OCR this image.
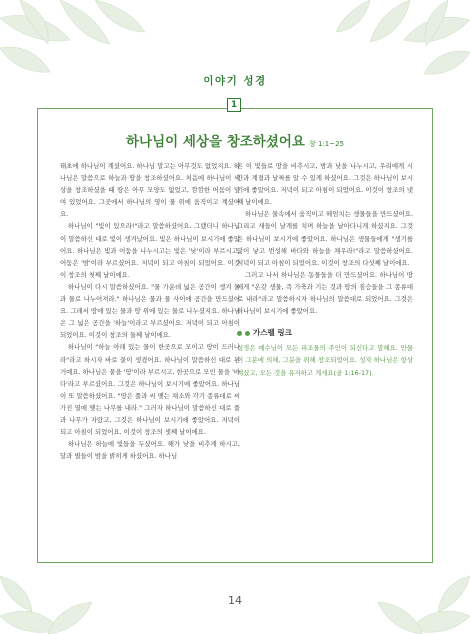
이야기 성경
1
하나님이 세상을 창조하셨어요 창 1:1~25

태초에 하나님이 계셨어요. 하나님 말고는 아무것도 없었지요. 하나님은 말씀으로 하늘과 땅을 창조하셨어요. 처음에 하나님이 세상을 창조하셨을 때 땅은 아무 모양도 없었고, 깜깜한 어둠이 덮여 있었어요. 그곳에서 하나님의 영이 물 위에 움직이고 계셨어요.

하나님이 "빛이 있으라!"라고 말씀하셨어요. 그랬더니 하나님이 말씀하신 대로 빛이 생겨났어요. 빛은 하나님이 보시기에 좋았어요. 하나님은 빛과 어둠을 나누시고는 빛은 '낮'이라 부르시고, 어둠은 '밤'이라 부르셨어요. 저녁이 되고 아침이 되었어요. 이것이 창조의 첫째 날이에요.

하나님이 다시 말씀하셨어요. "물 가운데 넓은 공간이 생겨 물과 물로 나누어져라." 하나님은 물과 물 사이에 공간을 만드셨어요. 그래서 땅에 있는 물과 땅 위에 있는 물로 나누셨지요. 하나님은 그 넓은 공간을 '하늘'이라고 부르셨어요. 저녁이 되고 아침이 되었어요. 이것이 창조의 둘째 날이에요.

하나님이 "하늘 아래 있는 물이 한곳으로 모이고 땅이 드러나라"라고 하시자 바로 뭍이 생겼어요. 하나님이 말씀하신 대로 된 거예요. 하나님은 뭍을 '땅'이라 부르시고, 한곳으로 모인 물을 '바다'라고 부르셨어요. 그것은 하나님이 보시기에 좋았어요. 하나님이 또 말씀하셨어요. "땅은 풀과 씨 맺는 채소와 각기 종류대로 씨 가진 열매 맺는 나무를 내라." 그러자 하나님이 말씀하신 대로 풀과 나무가 자랐고, 그것은 하나님이 보시기에 좋았어요. 저녁이 되고 아침이 되었어요. 이것이 창조의 셋째 날이에요.

하나님은 하늘에 빛들을 두셨어요. 해가 낮을 비추게 하시고, 달과 별들이 밤을 밝히게 하셨어요. 하나님

은 이 빛들로 땅을 비추시고, 밤과 낮을 나누시고, 우리에게 시간과 계절과 날짜를 알 수 있게 하셨어요. 그것은 하나님이 보시기에 좋았어요. 저녁이 되고 아침이 되었어요. 이것이 창조의 넷째 날이에요.

하나님은 물속에서 움직이고 헤엄치는 생물들을 만드셨어요. 그리고 새들이 날개를 치며 하늘을 날아다니게 하셨지요. 그것은 하나님이 보시기에 좋았어요. 하나님은 생물들에게 "생기를 많이 낳고 번성해 바다와 하늘을 채우라!"라고 말씀하셨어요. 저녁이 되고 아침이 되었어요. 이것이 창조의 다섯째 날이에요.

그러고 나서 하나님은 동물들을 더 만드셨어요. 하나님이 땅에게 "온갖 생물, 즉 가축과 기는 것과 땅의 짐승들을 그 종류대로 내라"라고 말씀하시자 하나님의 말씀대로 되었어요. 그것은 하나님이 보시기에 좋았어요.

가스펠 링크
성경은 예수님이 모든 피조물의 주인이 되신다고 말해요. 만물이 그분에 의해, 그분을 위해 창조되었어요. 성자 하나님은 항상 계셨고, 모든 것을 유지하고 계세요(골 1:16-17).
14
